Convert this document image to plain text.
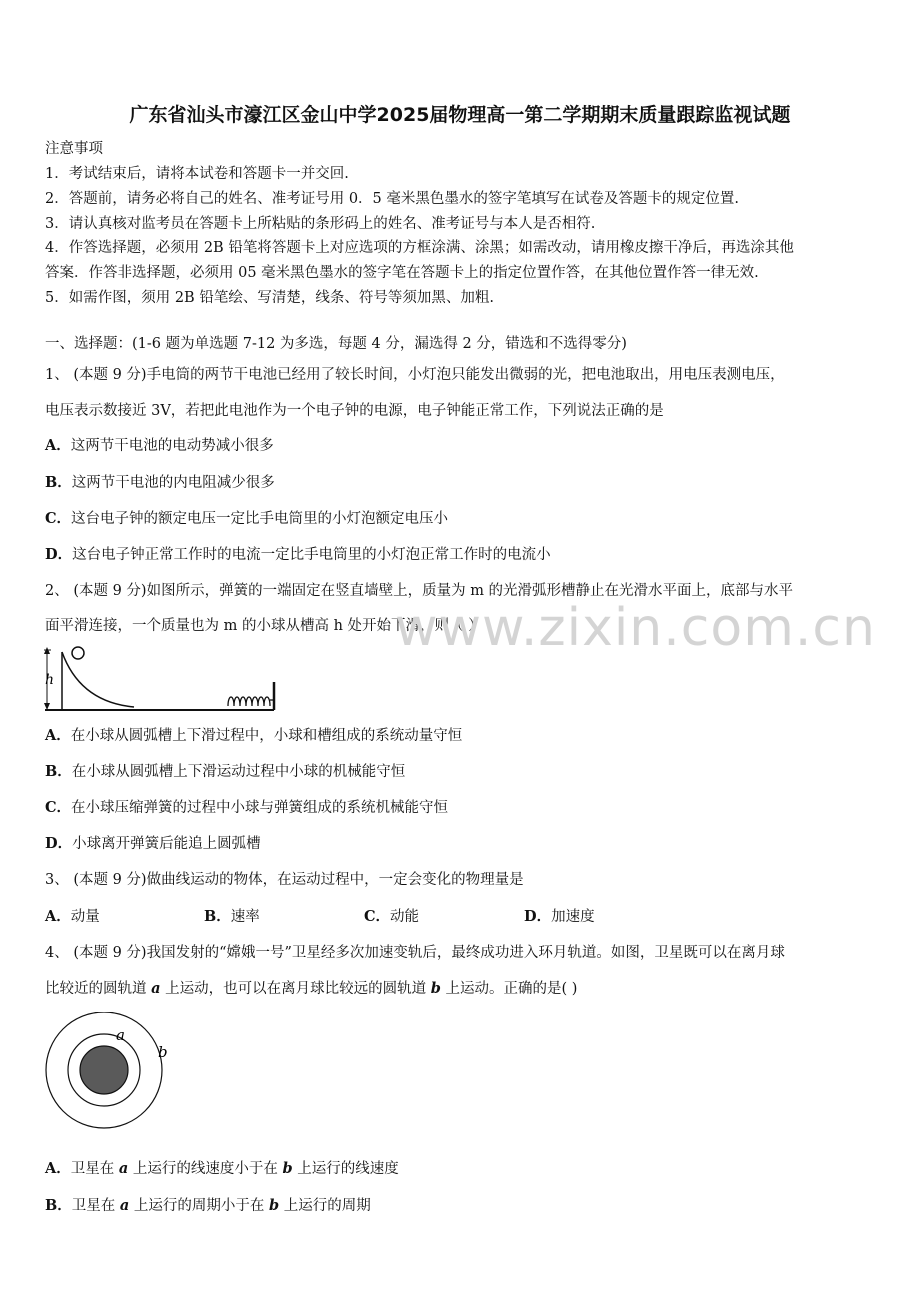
广东省汕头市濠江区金山中学2025届物理高一第二学期期末质量跟踪监视试题
注意事项
1．考试结束后，请将本试卷和答题卡一并交回.
2．答题前，请务必将自己的姓名、准考证号用 0．5 毫米黑色墨水的签字笔填写在试卷及答题卡的规定位置.
3．请认真核对监考员在答题卡上所粘贴的条形码上的姓名、准考证号与本人是否相符.
4．作答选择题，必须用 2B 铅笔将答题卡上对应选项的方框涂满、涂黑；如需改动，请用橡皮擦干净后，再选涂其他
答案．作答非选择题，必须用 05 毫米黑色墨水的签字笔在答题卡上的指定位置作答，在其他位置作答一律无效.
5．如需作图，须用 2B 铅笔绘、写清楚，线条、符号等须加黑、加粗.
一、选择题：(1-6 题为单选题 7-12 为多选，每题 4 分，漏选得 2 分，错选和不选得零分)
1、 (本题 9 分)手电筒的两节干电池已经用了较长时间，小灯泡只能发出微弱的光，把电池取出，用电压表测电压，
电压表示数接近 3V，若把此电池作为一个电子钟的电源，电子钟能正常工作，下列说法正确的是
A．这两节干电池的电动势减小很多
B．这两节干电池的内电阻减少很多
C．这台电子钟的额定电压一定比手电筒里的小灯泡额定电压小
D．这台电子钟正常工作时的电流一定比手电筒里的小灯泡正常工作时的电流小
2、 (本题 9 分)如图所示，弹簧的一端固定在竖直墙壁上，质量为 m 的光滑弧形槽静止在光滑水平面上，底部与水平
面平滑连接，一个质量也为 m 的小球从槽高 h 处开始下滑，则（ ）
h
A．在小球从圆弧槽上下滑过程中，小球和槽组成的系统动量守恒
B．在小球从圆弧槽上下滑运动过程中小球的机械能守恒
C．在小球压缩弹簧的过程中小球与弹簧组成的系统机械能守恒
D．小球离开弹簧后能追上圆弧槽
3、 (本题 9 分)做曲线运动的物体，在运动过程中，一定会变化的物理量是
A．动量	B．速率	C．动能	D．加速度
4、 (本题 9 分)我国发射的“嫦娥一号”卫星经多次加速变轨后，最终成功进入环月轨道。如图，卫星既可以在离月球
比较近的圆轨道 a 上运动，也可以在离月球比较远的圆轨道 b 上运动。正确的是( )
a
b
A．卫星在 a 上运行的线速度小于在 b 上运行的线速度
B．卫星在 a 上运行的周期小于在 b 上运行的周期
www.zixin.com.cn
